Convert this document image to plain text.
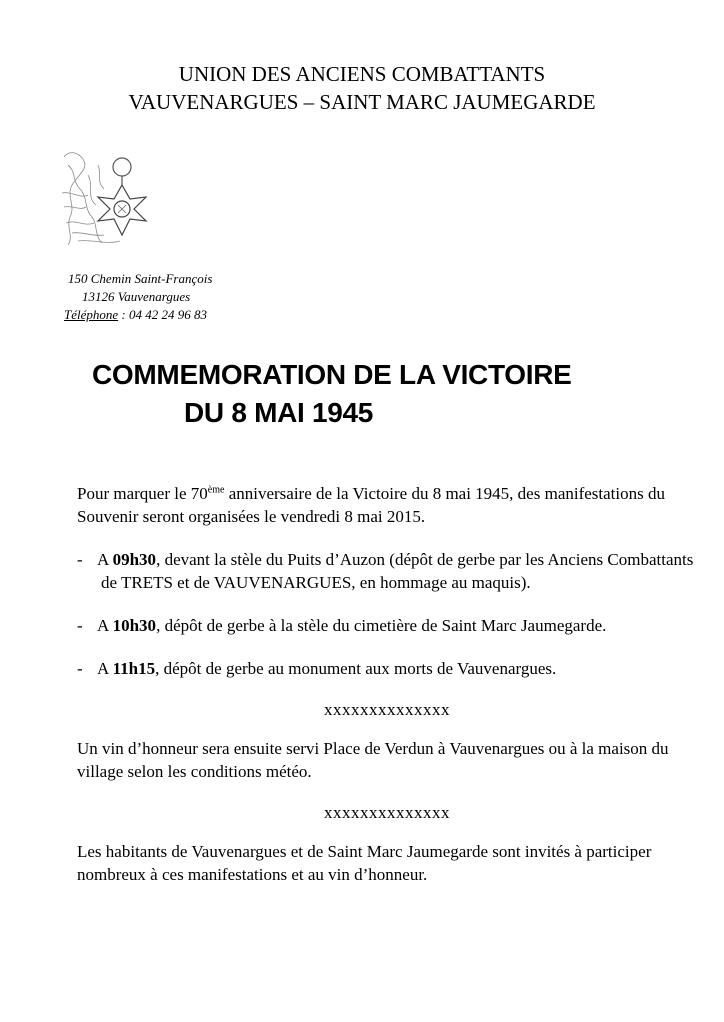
UNION DES ANCIENS COMBATTANTS
VAUVENARGUES – SAINT MARC JAUMEGARDE
150 Chemin Saint-François
13126 Vauvenargues
Téléphone : 04 42 24 96 83
COMMEMORATION DE LA VICTOIRE
DU 8 MAI 1945

Pour marquer le 70ème anniversaire de la Victoire du 8 mai 1945, des manifestations du Souvenir seront organisées le vendredi 8 mai 2015.

- A 09h30, devant la stèle du Puits d’Auzon (dépôt de gerbe par les Anciens Combattants de TRETS et de VAUVENARGUES, en hommage au maquis).
- A 10h30, dépôt de gerbe à la stèle du cimetière de Saint Marc Jaumegarde.
- A 11h15, dépôt de gerbe au monument aux morts de Vauvenargues.
xxxxxxxxxxxxxx

Un vin d’honneur sera ensuite servi Place de Verdun à Vauvenargues ou à la maison du village selon les conditions météo.

xxxxxxxxxxxxxx

Les habitants de Vauvenargues et de Saint Marc Jaumegarde sont invités à participer nombreux à ces manifestations et au vin d’honneur.
